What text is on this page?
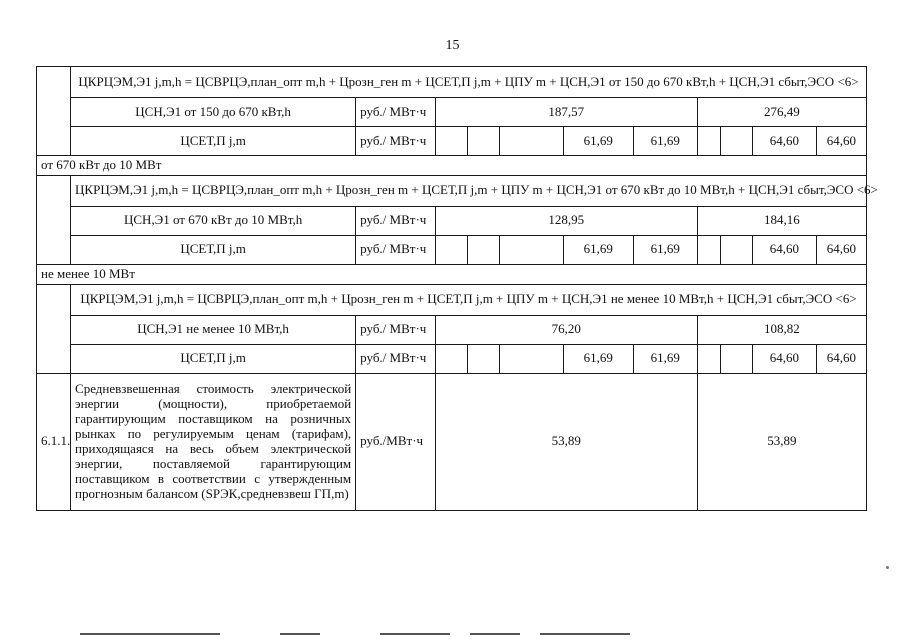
15
	ЦКРЦЭМ,Э1 j,m,h = ЦСВРЦЭ,план_опт m,h + Црозн_ген m + ЦСЕТ,П j,m + ЦПУ m + ЦСН,Э1 от 150 до 670 кВт,h + ЦСН,Э1 сбыт,ЭСО <6>										
	ЦСН,Э1 от 150 до 670 кВт,h	руб./ МВт·ч	187,57					276,49			
	ЦСЕТ,П j,m	руб./ МВт·ч				61,69	61,69			64,60	64,60
от 670 кВт до 10 МВт											
	ЦКРЦЭМ,Э1 j,m,h = ЦСВРЦЭ,план_опт m,h + Црозн_ген m + ЦСЕТ,П j,m + ЦПУ m + ЦСН,Э1 от 670 кВт до 10 МВт,h + ЦСН,Э1 сбыт,ЭСО <6>										
	ЦСН,Э1 от 670 кВт до 10 МВт,h	руб./ МВт·ч	128,95					184,16			
	ЦСЕТ,П j,m	руб./ МВт·ч				61,69	61,69			64,60	64,60
не менее 10 МВт											
	ЦКРЦЭМ,Э1 j,m,h = ЦСВРЦЭ,план_опт m,h + Црозн_ген m + ЦСЕТ,П j,m + ЦПУ m + ЦСН,Э1 не менее 10 МВт,h + ЦСН,Э1 сбыт,ЭСО <6>										
	ЦСН,Э1 не менее 10 МВт,h	руб./ МВт·ч	76,20					108,82			
	ЦСЕТ,П j,m	руб./ МВт·ч				61,69	61,69			64,60	64,60
6.1.1.	Средневзвешенная стоимость электрической энергии (мощности), приобретаемой гарантирующим поставщиком на розничных рынках по регулируемым ценам (тарифам), приходящаяся на весь объем электрической энергии, поставляемой гарантирующим поставщиком в соответствии с утвержденным прогнозным балансом (SРЭК,средневзвеш ГП,m)	руб./МВт·ч	53,89					53,89			
